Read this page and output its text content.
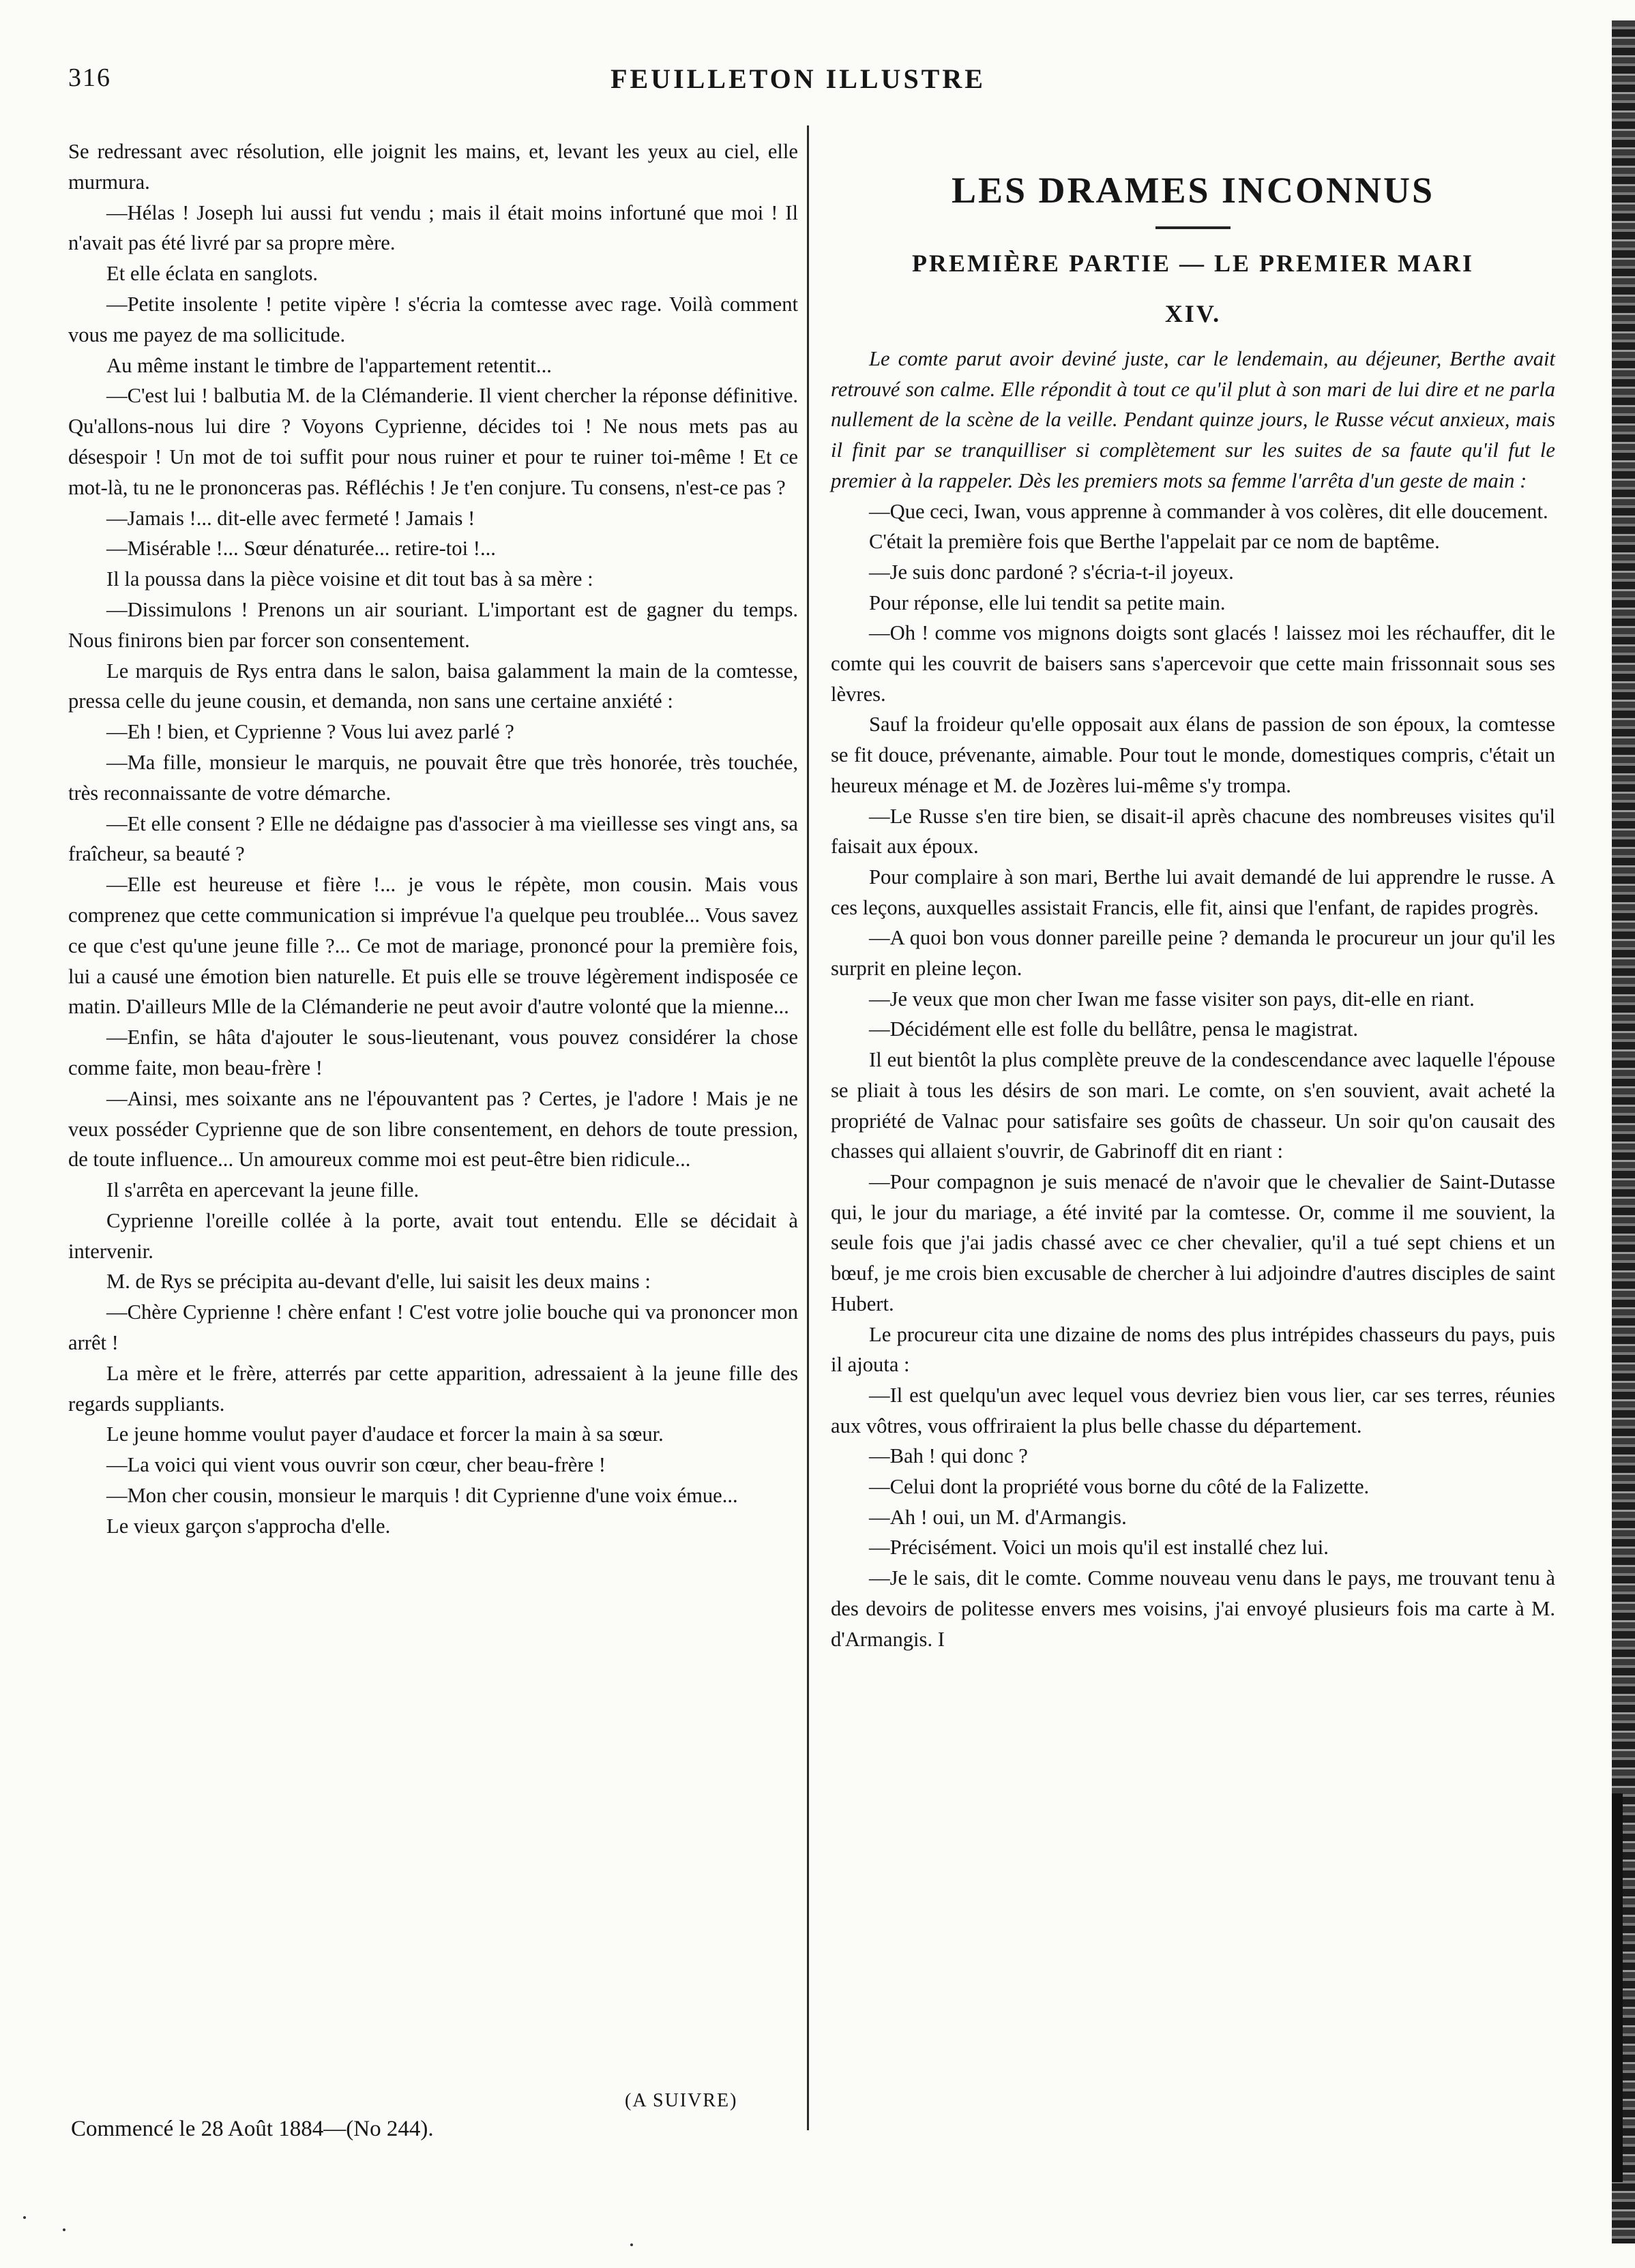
316	FEUILLETON ILLUSTRE

Se redressant avec résolution, elle joignit les mains, et, levant les yeux au ciel, elle murmura.

—Hélas ! Joseph lui aussi fut vendu ; mais il était moins infortuné que moi ! Il n'avait pas été livré par sa propre mère.

Et elle éclata en sanglots.

—Petite insolente ! petite vipère ! s'écria la comtesse avec rage. Voilà comment vous me payez de ma sollicitude.

Au même instant le timbre de l'appartement retentit...

—C'est lui ! balbutia M. de la Clémanderie. Il vient chercher la réponse définitive. Qu'allons-nous lui dire ? Voyons Cyprienne, décides toi ! Ne nous mets pas au désespoir ! Un mot de toi suffit pour nous ruiner et pour te ruiner toi-même ! Et ce mot-là, tu ne le prononceras pas. Réfléchis ! Je t'en conjure. Tu consens, n'est-ce pas ?

—Jamais !... dit-elle avec fermeté ! Jamais !

—Misérable !... Sœur dénaturée... retire-toi !...

Il la poussa dans la pièce voisine et dit tout bas à sa mère :

—Dissimulons ! Prenons un air souriant. L'important est de gagner du temps. Nous finirons bien par forcer son consentement.

Le marquis de Rys entra dans le salon, baisa galamment la main de la comtesse, pressa celle du jeune cousin, et demanda, non sans une certaine anxiété :

—Eh ! bien, et Cyprienne ? Vous lui avez parlé ?

—Ma fille, monsieur le marquis, ne pouvait être que très honorée, très touchée, très reconnaissante de votre démarche.

—Et elle consent ? Elle ne dédaigne pas d'associer à ma vieillesse ses vingt ans, sa fraîcheur, sa beauté ?

—Elle est heureuse et fière !... je vous le répète, mon cousin. Mais vous comprenez que cette communication si imprévue l'a quelque peu troublée... Vous savez ce que c'est qu'une jeune fille ?... Ce mot de mariage, prononcé pour la première fois, lui a causé une émotion bien naturelle. Et puis elle se trouve légèrement indisposée ce matin. D'ailleurs Mlle de la Clémanderie ne peut avoir d'autre volonté que la mienne...

—Enfin, se hâta d'ajouter le sous-lieutenant, vous pouvez considérer la chose comme faite, mon beau-frère !

—Ainsi, mes soixante ans ne l'épouvantent pas ? Certes, je l'adore ! Mais je ne veux posséder Cyprienne que de son libre consentement, en dehors de toute pression, de toute influence... Un amoureux comme moi est peut-être bien ridicule...

Il s'arrêta en apercevant la jeune fille.

Cyprienne l'oreille collée à la porte, avait tout entendu. Elle se décidait à intervenir.

M. de Rys se précipita au-devant d'elle, lui saisit les deux mains :

—Chère Cyprienne ! chère enfant ! C'est votre jolie bouche qui va prononcer mon arrêt !

La mère et le frère, atterrés par cette apparition, adressaient à la jeune fille des regards suppliants.

Le jeune homme voulut payer d'audace et forcer la main à sa sœur.

—La voici qui vient vous ouvrir son cœur, cher beau-frère !

—Mon cher cousin, monsieur le marquis ! dit Cyprienne d'une voix émue...

Le vieux garçon s'approcha d'elle.

(A SUIVRE)
Commencé le 28 Août 1884—(No 244).
LES DRAMES INCONNUS
PREMIÈRE PARTIE — LE PREMIER MARI
XIV.

Le comte parut avoir deviné juste, car le lendemain, au déjeuner, Berthe avait retrouvé son calme. Elle répondit à tout ce qu'il plut à son mari de lui dire et ne parla nullement de la scène de la veille. Pendant quinze jours, le Russe vécut anxieux, mais il finit par se tranquilliser si complètement sur les suites de sa faute qu'il fut le premier à la rappeler. Dès les premiers mots sa femme l'arrêta d'un geste de main :

—Que ceci, Iwan, vous apprenne à commander à vos colères, dit elle doucement.

C'était la première fois que Berthe l'appelait par ce nom de baptême.

—Je suis donc pardoné ? s'écria-t-il joyeux.

Pour réponse, elle lui tendit sa petite main.

—Oh ! comme vos mignons doigts sont glacés ! laissez moi les réchauffer, dit le comte qui les couvrit de baisers sans s'apercevoir que cette main frissonnait sous ses lèvres.

Sauf la froideur qu'elle opposait aux élans de passion de son époux, la comtesse se fit douce, prévenante, aimable. Pour tout le monde, domestiques compris, c'était un heureux ménage et M. de Jozères lui-même s'y trompa.

—Le Russe s'en tire bien, se disait-il après chacune des nombreuses visites qu'il faisait aux époux.

Pour complaire à son mari, Berthe lui avait demandé de lui apprendre le russe. A ces leçons, auxquelles assistait Francis, elle fit, ainsi que l'enfant, de rapides progrès.

—A quoi bon vous donner pareille peine ? demanda le procureur un jour qu'il les surprit en pleine leçon.

—Je veux que mon cher Iwan me fasse visiter son pays, dit-elle en riant.

—Décidément elle est folle du bellâtre, pensa le magistrat.

Il eut bientôt la plus complète preuve de la condescendance avec laquelle l'épouse se pliait à tous les désirs de son mari. Le comte, on s'en souvient, avait acheté la propriété de Valnac pour satisfaire ses goûts de chasseur. Un soir qu'on causait des chasses qui allaient s'ouvrir, de Gabrinoff dit en riant :

—Pour compagnon je suis menacé de n'avoir que le chevalier de Saint-Dutasse qui, le jour du mariage, a été invité par la comtesse. Or, comme il me souvient, la seule fois que j'ai jadis chassé avec ce cher chevalier, qu'il a tué sept chiens et un bœuf, je me crois bien excusable de chercher à lui adjoindre d'autres disciples de saint Hubert.

Le procureur cita une dizaine de noms des plus intrépides chasseurs du pays, puis il ajouta :

—Il est quelqu'un avec lequel vous devriez bien vous lier, car ses terres, réunies aux vôtres, vous offriraient la plus belle chasse du département.

—Bah ! qui donc ?

—Celui dont la propriété vous borne du côté de la Falizette.

—Ah ! oui, un M. d'Armangis.

—Précisément. Voici un mois qu'il est installé chez lui.

—Je le sais, dit le comte. Comme nouveau venu dans le pays, me trouvant tenu à des devoirs de politesse envers mes voisins, j'ai envoyé plusieurs fois ma carte à M. d'Armangis. I
